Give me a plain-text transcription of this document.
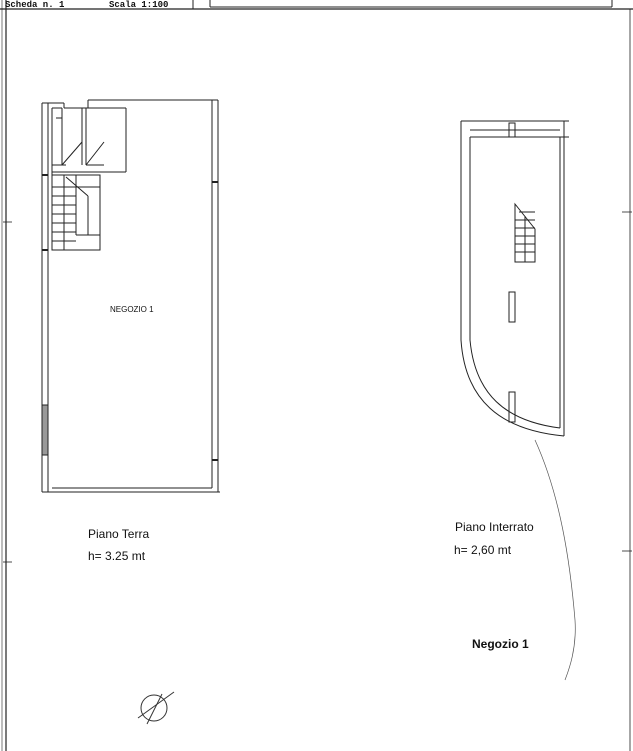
Scheda n. 1	Scala 1:100
NEGOZIO 1
Piano Terra
h= 3.25 mt
Piano Interrato
h= 2,60 mt
Negozio 1
